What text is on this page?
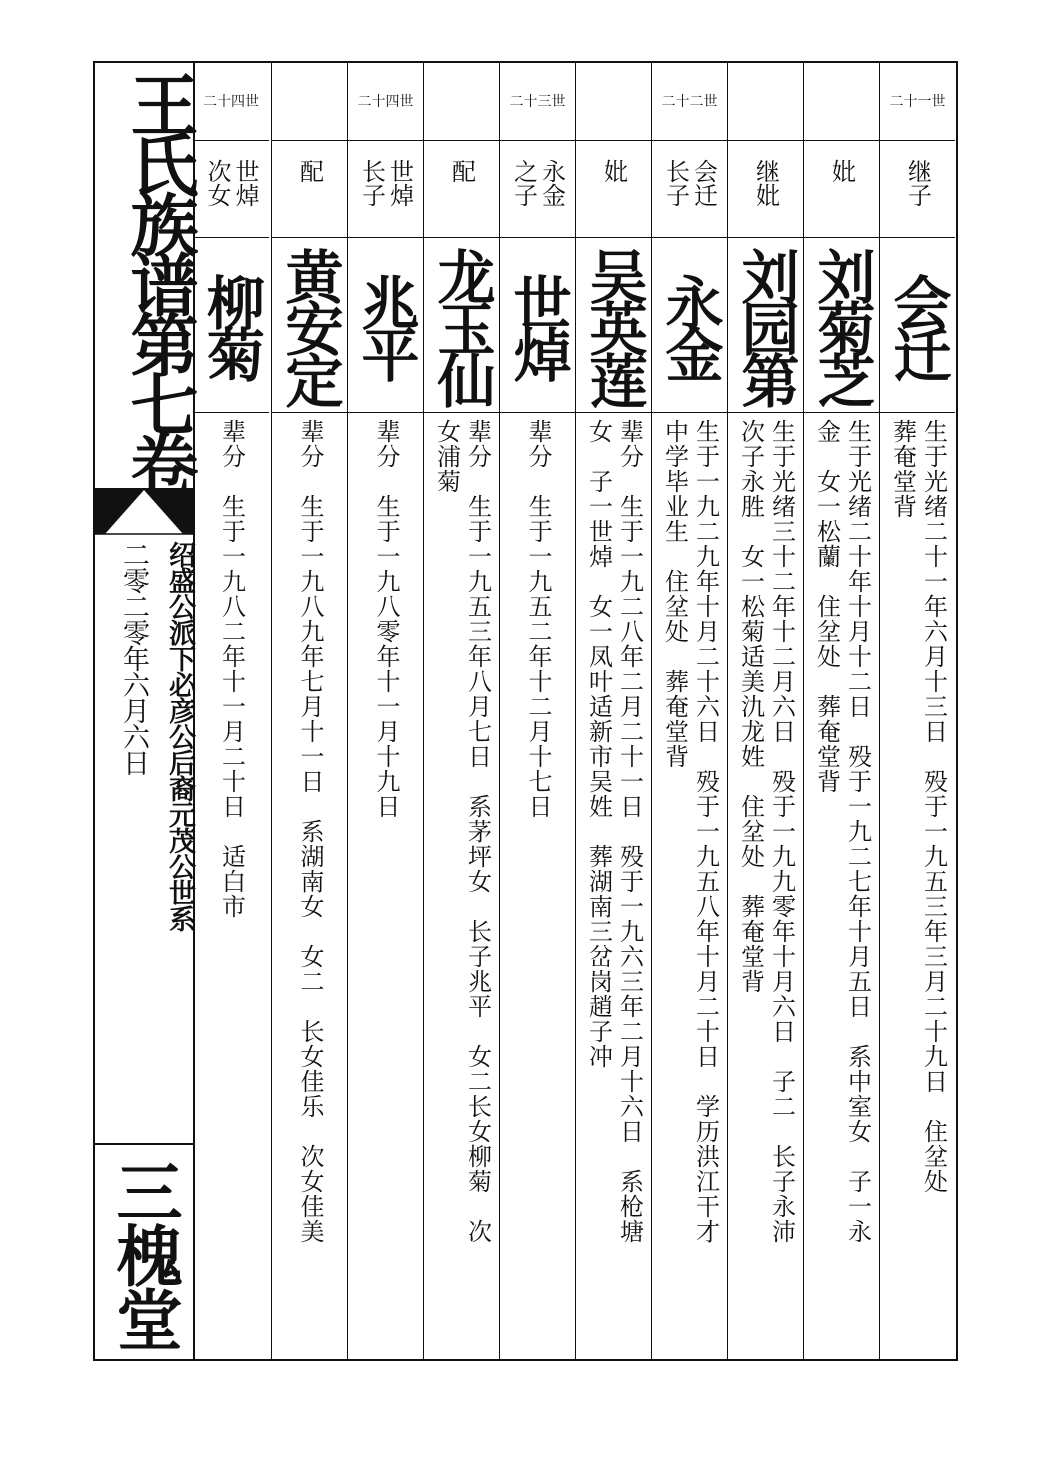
王氏族谱第七卷
绍盛公派下必彦公后裔元茂公世系
二零二零年六月六日
三槐堂
二十一世
继子
会迁
生于光绪二十一年六月十三日　殁于一九五三年三月二十九日　住坌处
葬奄堂背
妣
刘菊芝
生于光绪二十年十月十二日　殁于一九二七年十月五日　系中室女　子一永
金　女一松蘭　住坌处　葬奄堂背
继妣
刘园第
生于光绪三十二年十二月六日　殁于一九九零年十月六日　子二　长子永沛
次子永胜　女一松菊适美氿龙姓　住坌处　葬奄堂背
二十二世
会迁长子
永金
生于一九二九年十月二十六日　殁于一九五八年十月二十日　学历洪江干才
中学毕业生　住坌处　葬奄堂背
妣
吴英莲
辈分　生于一九二八年二月二十一日　殁于一九六三年二月十六日　系枪塘
女　子一世焯　女一凤叶适新市吴姓　葬湖南三岔岗趙子冲
二十三世
永金之子
世焯
辈分　生于一九五二年十二月十七日
配
龙玉仙
辈分　生于一九五三年八月七日　系茅坪女　长子兆平　女二长女柳菊　次
女浦菊
二十四世
世焯长子
兆平
辈分　生于一九八零年十一月十九日
配
黄安定
辈分　生于一九八九年七月十一日　系湖南女　女二　长女佳乐　次女佳美
二十四世
世焯次女
柳菊
辈分　生于一九八二年十一月二十日　适白市
